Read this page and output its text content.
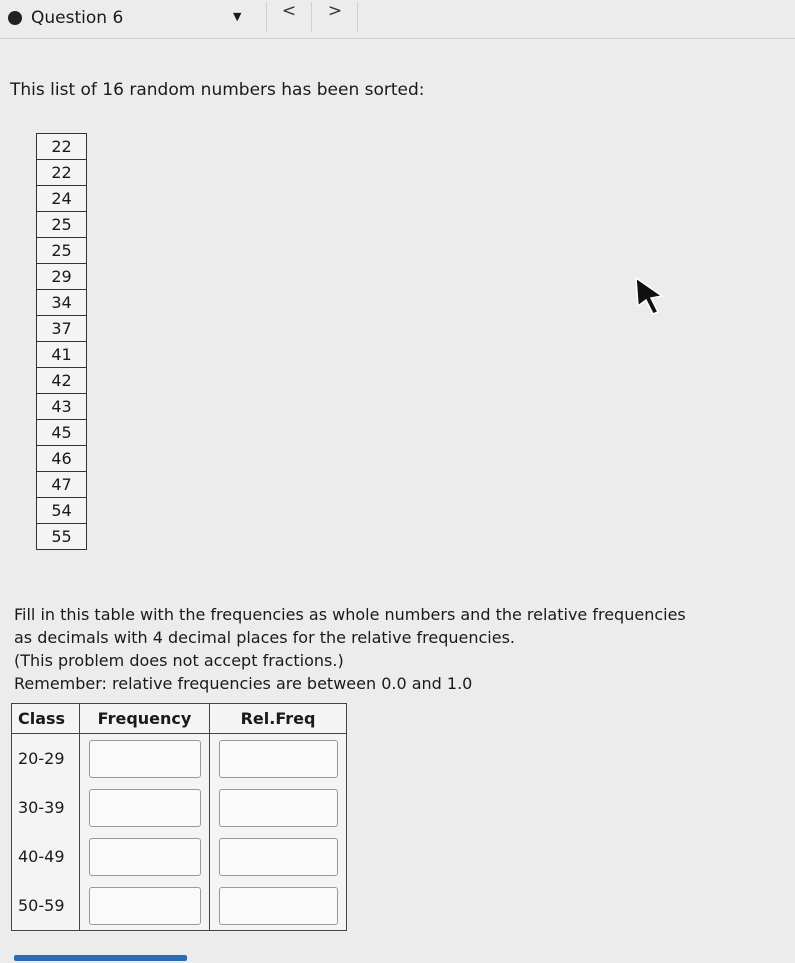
Question 6	▼	<	>
This list of 16 random numbers has been sorted:
22
22
24
25
25
29
34
37
41
42
43
45
46
47
54
55
Fill in this table with the frequencies as whole numbers and the relative frequencies
as decimals with 4 decimal places for the relative frequencies.
(This problem does not accept fractions.)
Remember: relative frequencies are between 0.0 and 1.0
Class	Frequency	Rel.Freq
20-29		
30-39		
40-49		
50-59		
